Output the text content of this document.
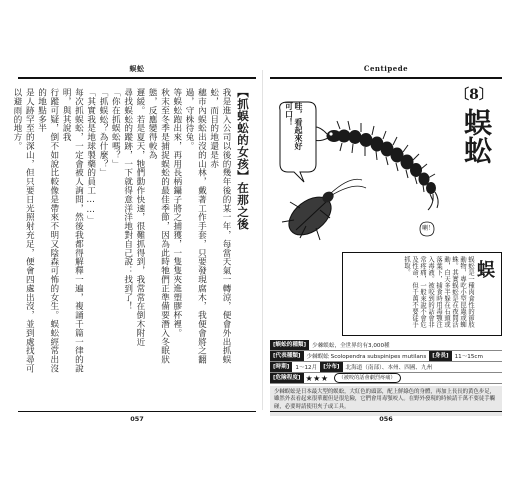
蜈蚣
【抓蜈蚣的女孩】在那之後

我是進入公司以後的幾年後的某一年，每當天氣一轉涼，便會外出抓蜈蚣，而目的地還是赤

穗市內蜈蚣出沒的山林，戴著工作手套，只要發現腐木，我便會將之翻過，守株待兔。

等蜈蚣跑出來，再用長柄鑷子將之捕獲，一隻隻夾進塑膠杯裡。

秋末至冬季是捕捉蜈蚣的最佳季節，因為此時牠們正準備要潛入冬眠狀態，反應變得較為

遲緩。若是夏天，牠們動作快速，很難抓得到，我常常在倒木附近

尋找蜈蚣的蹤跡，一下就得意洋洋地對自己說：找到了！

「你在抓蜈蚣嗎？」

「抓蜈蚣？為什麼？」

「其實我是地球製藥的員工……」

每次抓蜈蚣，一定會被人詢問，然後我都得解釋一遍，複誦千篇一律的說明，與其說我

行蹤可疑，倒不如說比較像是帶來不明又陰森可怖的女生。蜈蚣經常出沒的地點多半

是人跡罕至的深山，但只要日光照射充足，便會四處出沒，並到處找尋可以避雨的地方。

057
Centipede
哇，看起來好可口！
喇！
〔8〕
蜈蚣
蜈蚣是一種肉食性的節肢動物，專吃小型昆蟲或蜘蛛。其實蜈蚣是在夜間活動，白天多半躲在石頭或落葉下，捕食時用毒顎注入毒液。被咬到的話會非常疼痛，一般來說不會危及性命，但千萬不要徒手抓取。	蜈
[蜈蚣的種類]	少棘蜈蚣，全世界約有3,000種
[代表種類]	少棘蜈蚣 Scolopendra subspinipes mutilans	[身長]	11～15cm
[時期]	1～12月	[分布]	北海道（南部）、本州、四國、九州
[危險程度] ★★★	（被咬的話會劇烈疼痛）
少棘蜈蚣是日本最大型的蜈蚣，大紅色的頭部，配上鮮綠色的身體，再加上長長的黃色步足，雖然外表看起來很華麗但是很危險，它們會用毒顎咬人。在野外發現的時候請千萬不要徒手觸碰，必要時請使用夾子或工具。
056
